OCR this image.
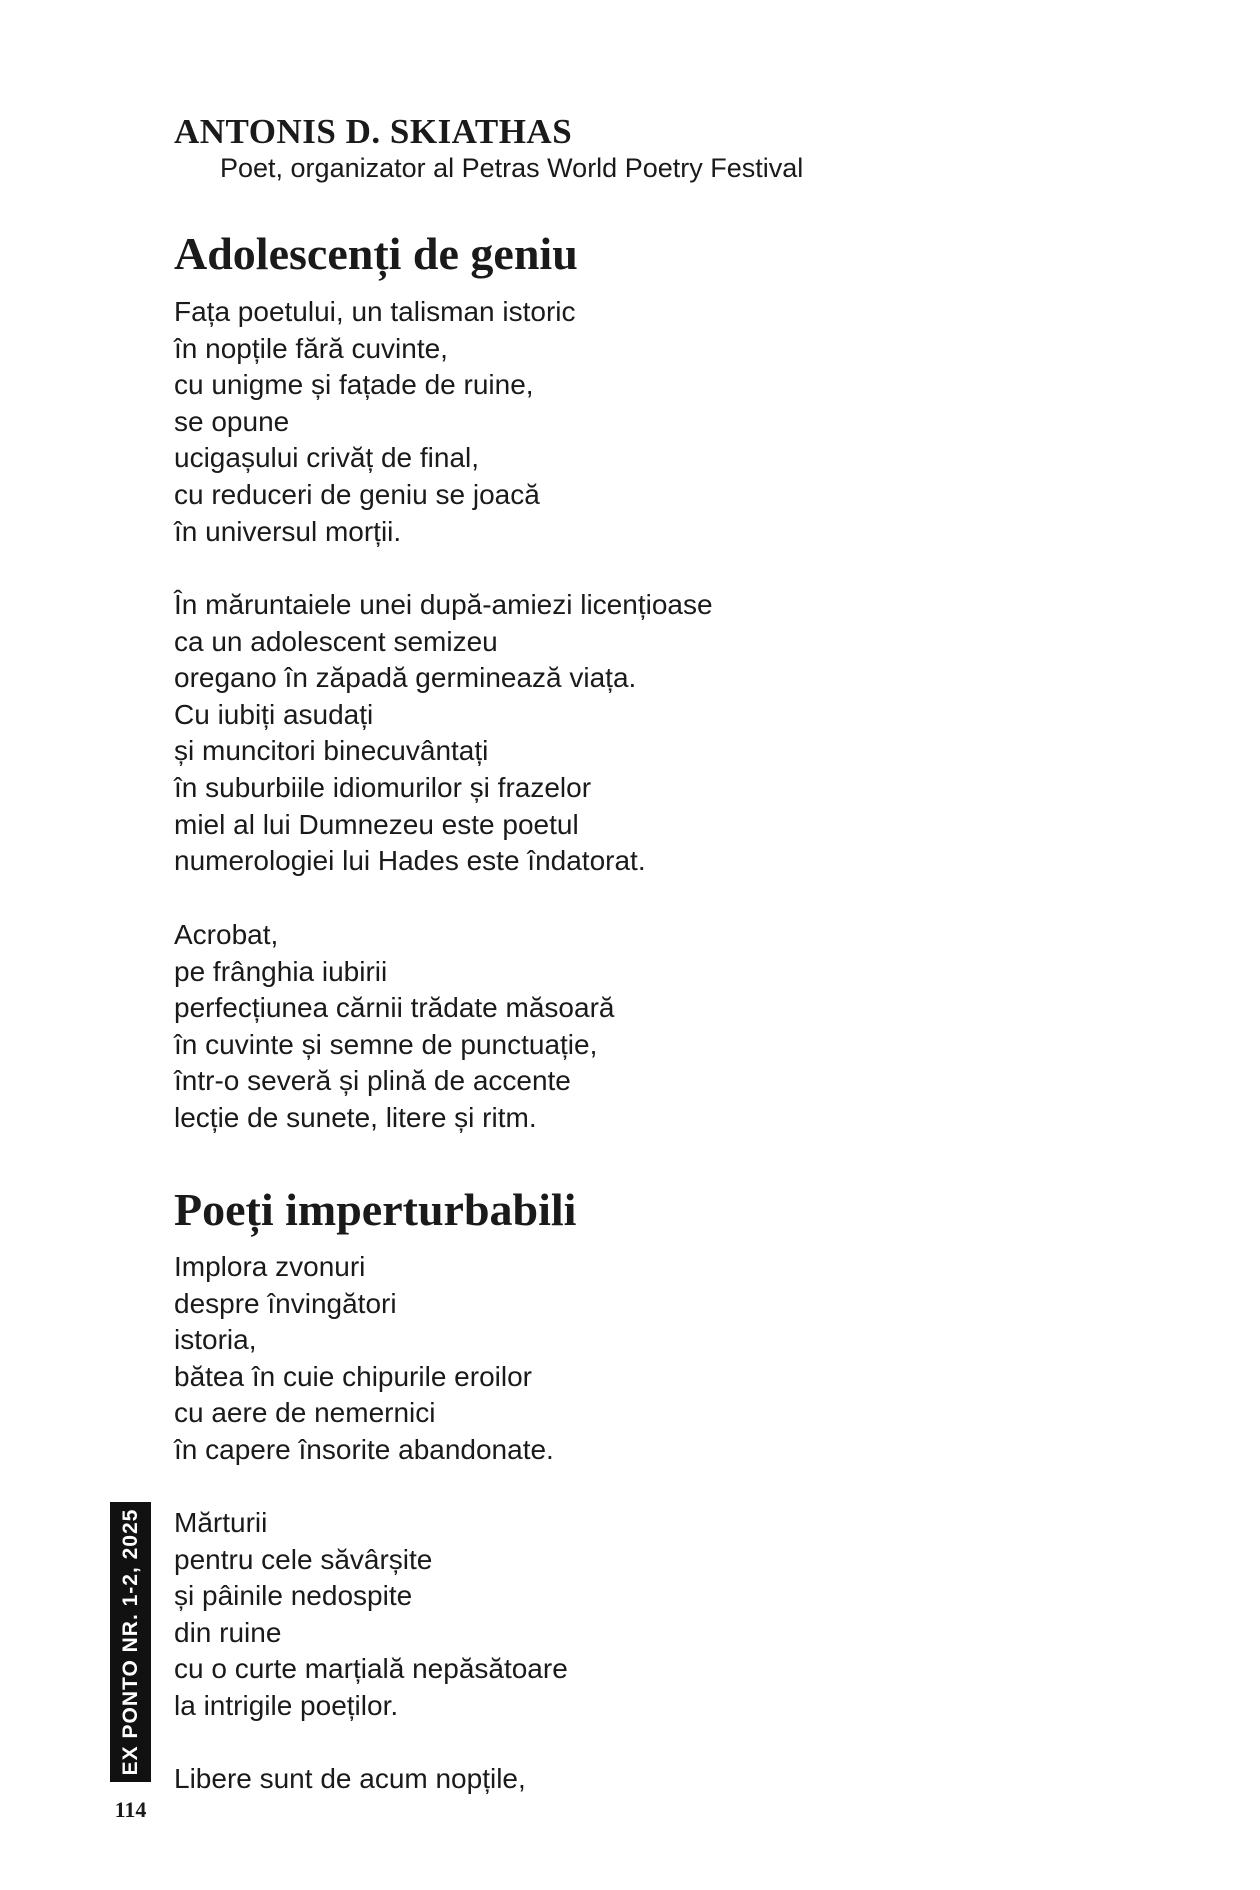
ANTONIS D. SKIATHAS
Poet, organizator al Petras World Poetry Festival
Adolescenți de geniu
Fața poetului, un talisman istoric
în nopțile fără cuvinte,
cu unigme și fațade de ruine,
se opune
ucigașului crivăț de final,
cu reduceri de geniu se joacă
în universul morții.
În măruntaiele unei după-amiezi licențioase
ca un adolescent semizeu
oregano în zăpadă germinează viața.
Cu iubiți asudați
și muncitori binecuvântați
în suburbiile idiomurilor și frazelor
miel al lui Dumnezeu este poetul
numerologiei lui Hades este îndatorat.
Acrobat,
pe frânghia iubirii
perfecțiunea cărnii trădate măsoară
în cuvinte și semne de punctuație,
într-o severă și plină de accente
lecție de sunete, litere și ritm.
Poeți imperturbabili
Implora zvonuri
despre învingători
istoria,
bătea în cuie chipurile eroilor
cu aere de nemernici
în capere însorite abandonate.
Mărturii
pentru cele săvârșite
și pâinile nedospite
din ruine
cu o curte marțială nepăsătoare
la intrigile poeților.
Libere sunt de acum nopțile,
EX PONTO NR. 1-2, 2025
114
